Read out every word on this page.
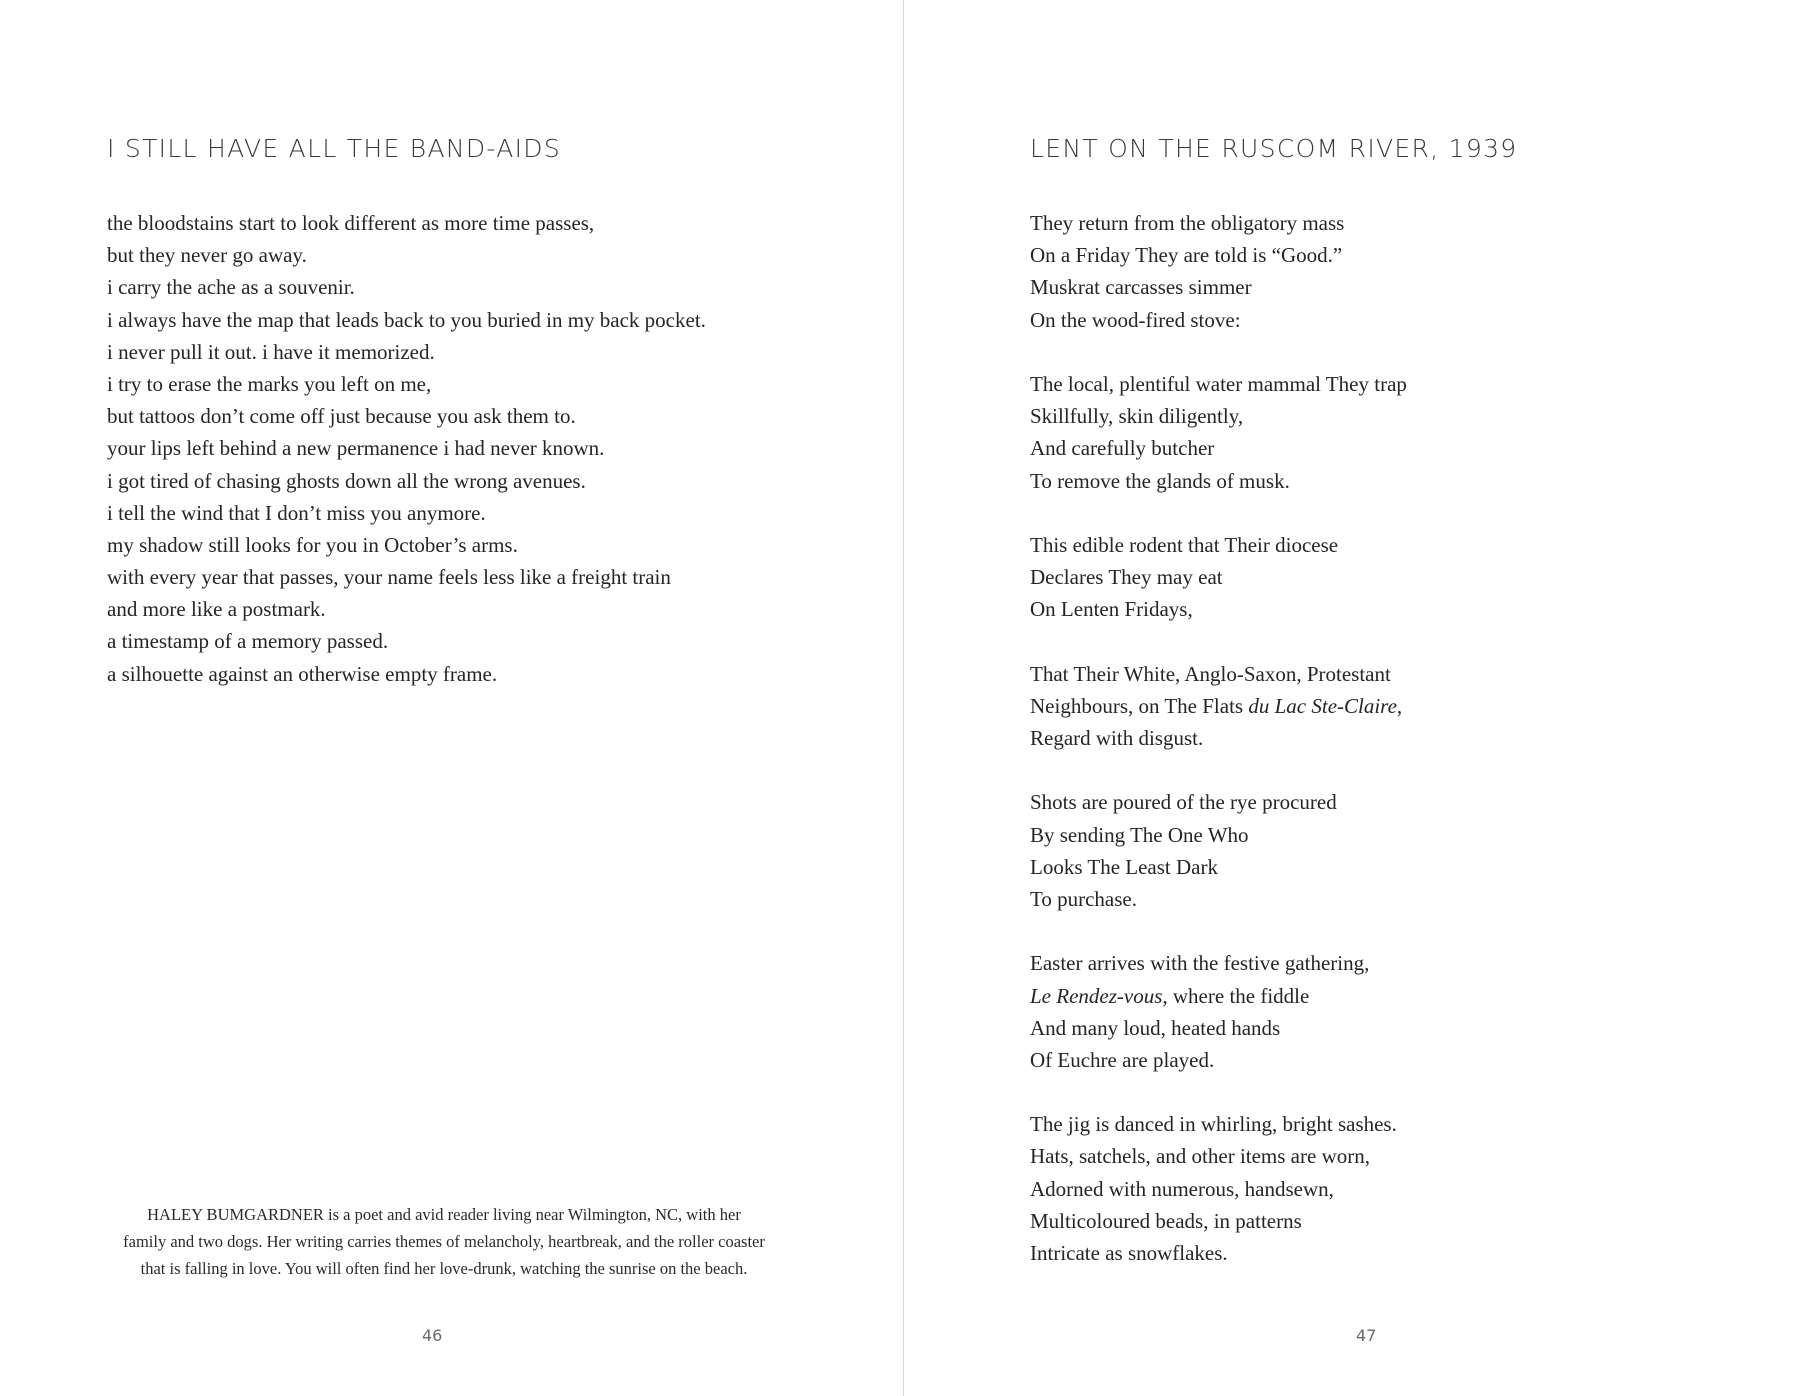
I STILL HAVE ALL THE BAND-AIDS
the bloodstains start to look different as more time passes,
but they never go away.
i carry the ache as a souvenir.
i always have the map that leads back to you buried in my back pocket.
i never pull it out. i have it memorized.
i try to erase the marks you left on me,
but tattoos don’t come off just because you ask them to.
your lips left behind a new permanence i had never known.
i got tired of chasing ghosts down all the wrong avenues.
i tell the wind that I don’t miss you anymore.
my shadow still looks for you in October’s arms.
with every year that passes, your name feels less like a freight train
and more like a postmark.
a timestamp of a memory passed.
a silhouette against an otherwise empty frame.
HALEY BUMGARDNER is a poet and avid reader living near Wilmington, NC, with her
family and two dogs. Her writing carries themes of melancholy, heartbreak, and the roller coaster
that is falling in love. You will often find her love-drunk, watching the sunrise on the beach.
46
LENT ON THE RUSCOM RIVER, 1939
They return from the obligatory mass
On a Friday They are told is “Good.”
Muskrat carcasses simmer
On the wood-fired stove:
The local, plentiful water mammal They trap
Skillfully, skin diligently,
And carefully butcher
To remove the glands of musk.
This edible rodent that Their diocese
Declares They may eat
On Lenten Fridays,
That Their White, Anglo-Saxon, Protestant
Neighbours, on The Flats du Lac Ste-Claire,
Regard with disgust.
Shots are poured of the rye procured
By sending The One Who
Looks The Least Dark
To purchase.
Easter arrives with the festive gathering,
Le Rendez-vous, where the fiddle
And many loud, heated hands
Of Euchre are played.
The jig is danced in whirling, bright sashes.
Hats, satchels, and other items are worn,
Adorned with numerous, handsewn,
Multicoloured beads, in patterns
Intricate as snowflakes.
47
